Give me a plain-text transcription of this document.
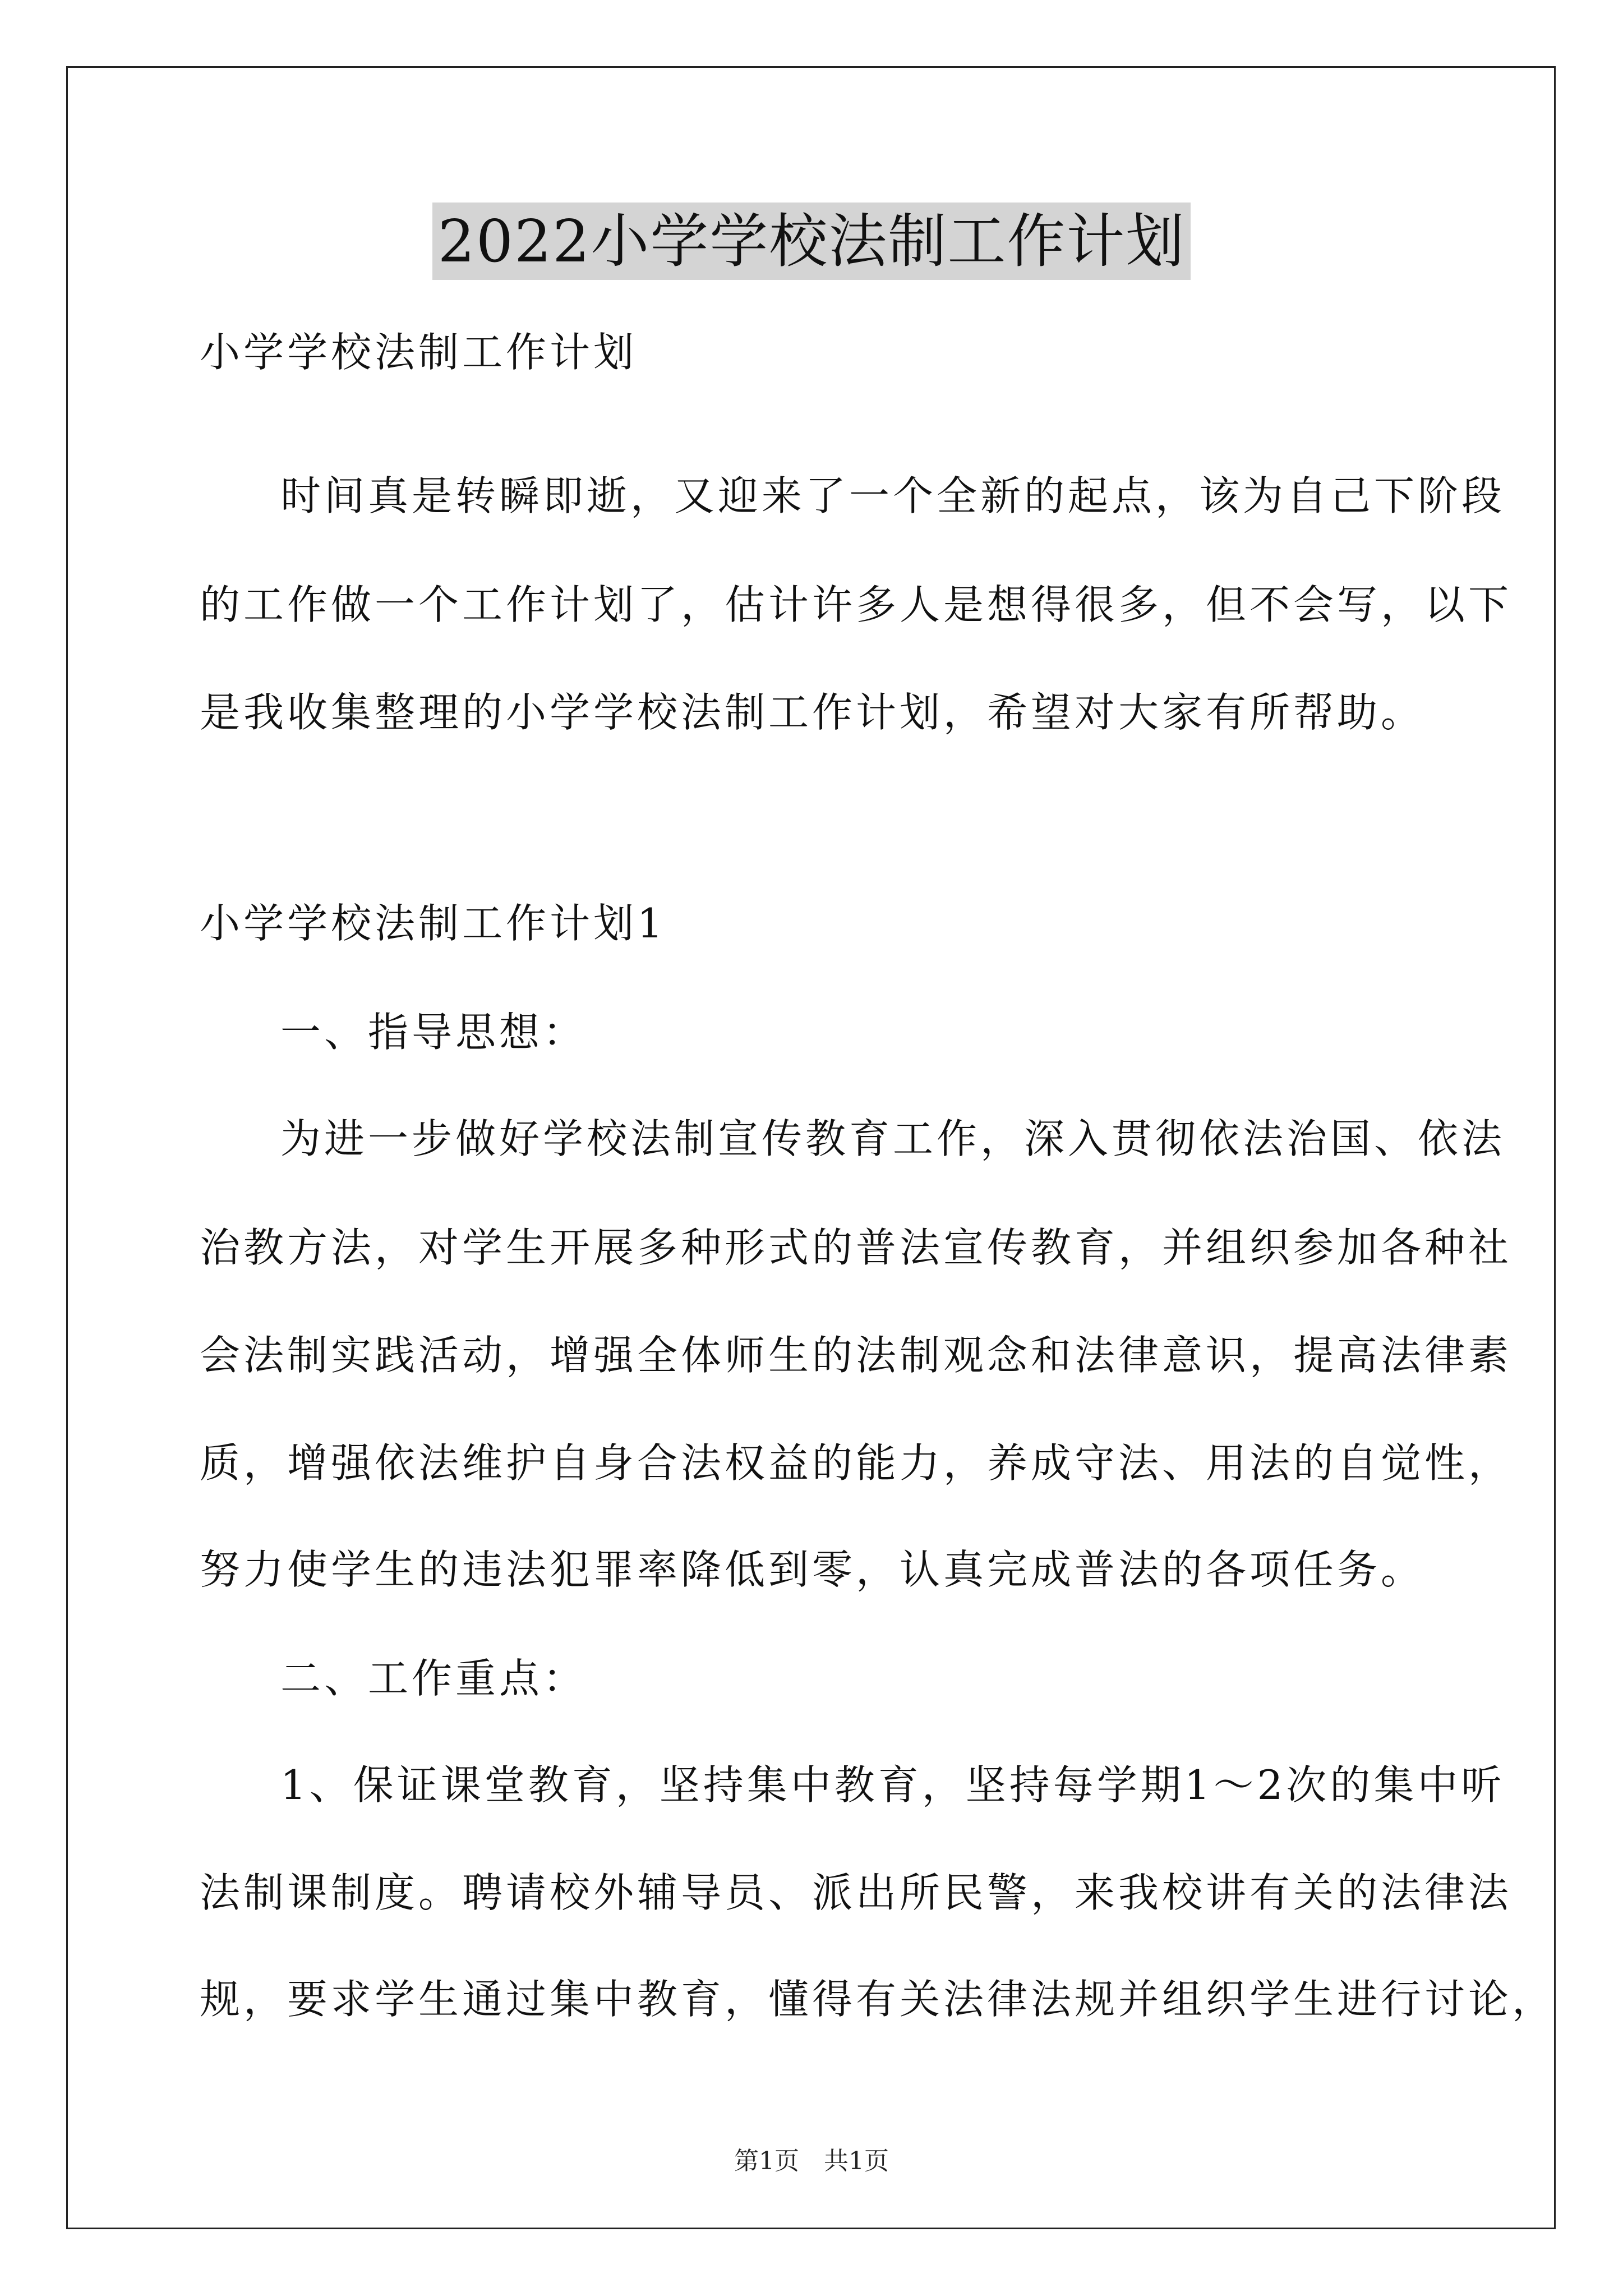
2022小学学校法制工作计划
小学学校法制工作计划
时间真是转瞬即逝，又迎来了一个全新的起点，该为自己下阶段
的工作做一个工作计划了，估计许多人是想得很多，但不会写，以下
是我收集整理的小学学校法制工作计划，希望对大家有所帮助。
小学学校法制工作计划1
一、指导思想：
为进一步做好学校法制宣传教育工作，深入贯彻依法治国、依法
治教方法，对学生开展多种形式的普法宣传教育，并组织参加各种社
会法制实践活动，增强全体师生的法制观念和法律意识，提高法律素
质，增强依法维护自身合法权益的能力，养成守法、用法的自觉性，
努力使学生的违法犯罪率降低到零，认真完成普法的各项任务。
二、工作重点：
1、保证课堂教育，坚持集中教育，坚持每学期1～2次的集中听
法制课制度。聘请校外辅导员、派出所民警，来我校讲有关的法律法
规，要求学生通过集中教育，懂得有关法律法规并组织学生进行讨论，
第1页　共1页
